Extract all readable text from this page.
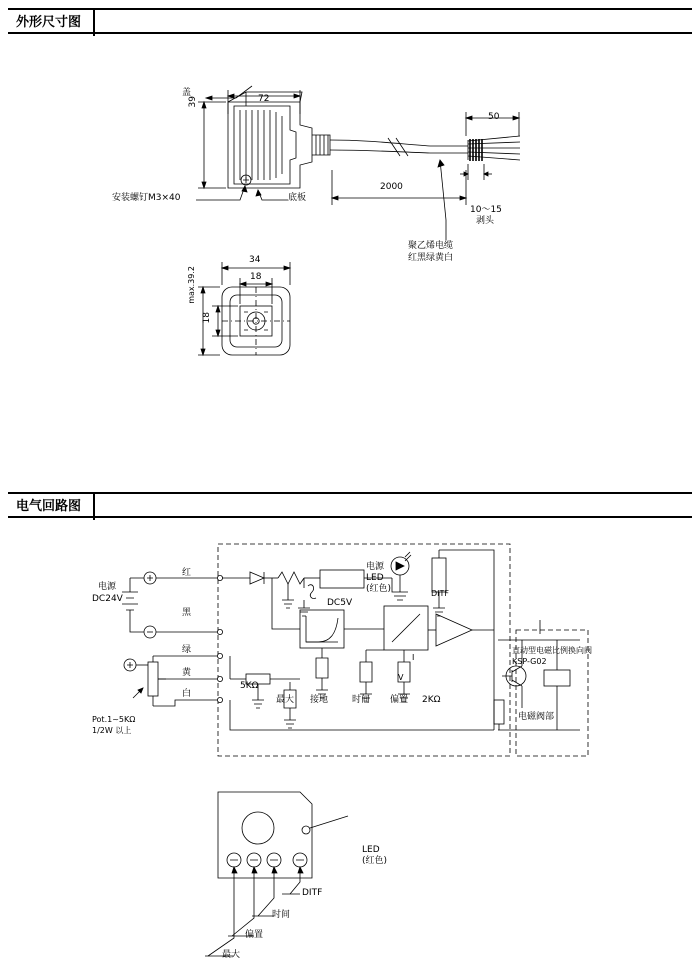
外形尺寸图
盖
72
39
安装螺钉M3×40	底板
2000
50
10～15
剥头
聚乙烯电缆
红黑绿黄白
34
18
18
max.39.2
电气回路图
电源
DC24V
红
黑
绿
黄
白
Pot.1~5KΩ
1/2W 以上
DC5V
电源
LED
(红色)	DITF
5KΩ
最大 接地	时间 偏置 2KΩ
V
I
直动型电磁比例换向阀
KSP-G02
电磁阀部
LED
(红色)
DITF
时间
偏置
最大
